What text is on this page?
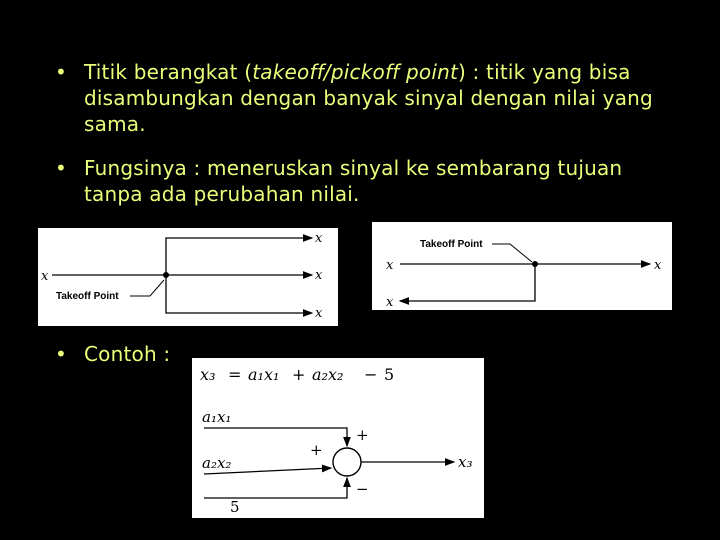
• Titik berangkat (takeoff/pickoff point) : titik yang bisa disambungkan dengan banyak sinyal dengan nilai yang sama.
• Fungsinya : meneruskan sinyal ke sembarang tujuan tanpa ada perubahan nilai.
x
x
x
x
Takeoff Point
Takeoff Point
x	x
x
• Contoh :
x₃ = a₁x₁ + a₂x₂ − 5
a₁x₁
+
a₂x₂
+
5
−
x₃
